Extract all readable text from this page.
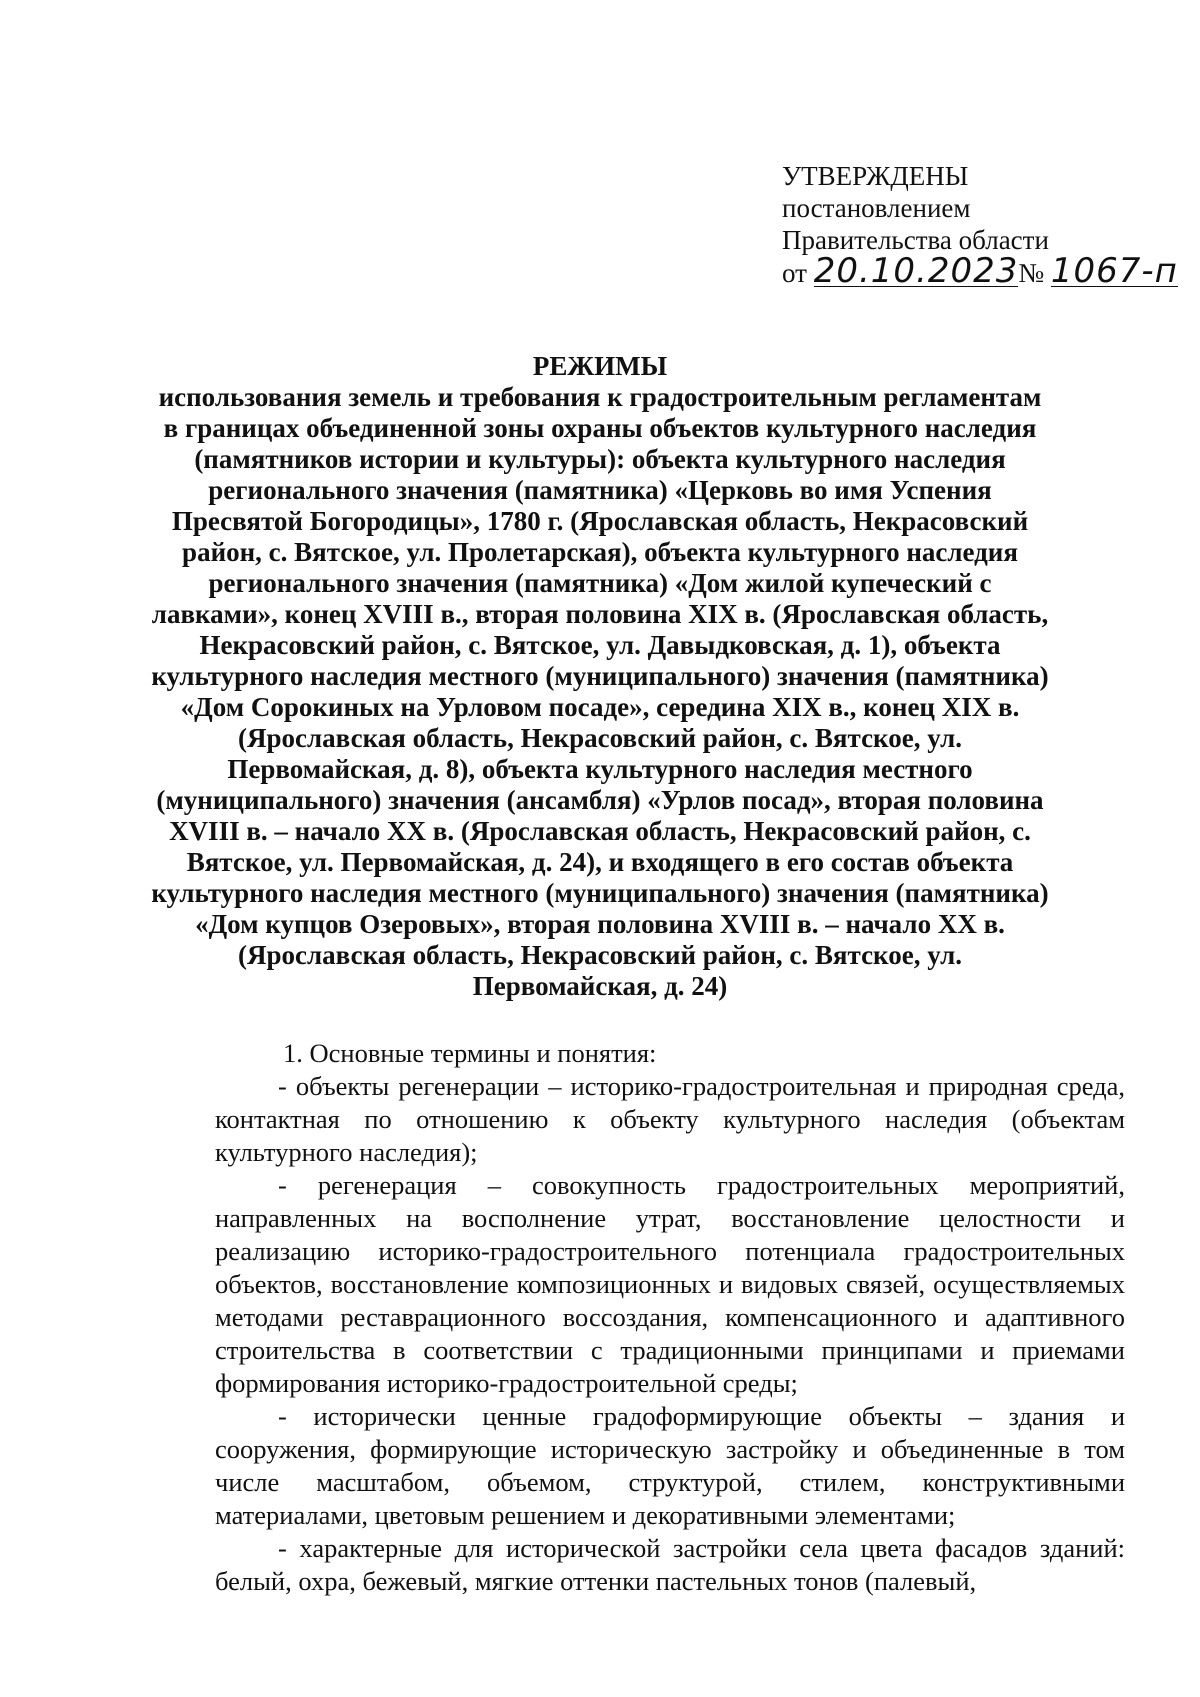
УТВЕРЖДЕНЫ
постановлением
Правительства области
от 20.10.2023№ 1067-п
РЕЖИМЫ
использования земель и требования к градостроительным регламентам в границах объединенной зоны охраны объектов культурного наследия (памятников истории и культуры): объекта культурного наследия регионального значения (памятника) «Церковь во имя Успения Пресвятой Богородицы», 1780 г. (Ярославская область, Некрасовский район, с. Вятское, ул. Пролетарская), объекта культурного наследия регионального значения (памятника) «Дом жилой купеческий с лавками», конец XVIII в., вторая половина XIX в. (Ярославская область, Некрасовский район, с. Вятское, ул. Давыдковская, д. 1), объекта культурного наследия местного (муниципального) значения (памятника) «Дом Сорокиных на Урловом посаде», середина XIX в., конец XIX в. (Ярославская область, Некрасовский район, с. Вятское, ул. Первомайская, д. 8), объекта культурного наследия местного (муниципального) значения (ансамбля) «Урлов посад», вторая половина XVIII в. – начало XX в. (Ярославская область, Некрасовский район, с. Вятское, ул. Первомайская, д. 24), и входящего в его состав объекта культурного наследия местного (муниципального) значения (памятника) «Дом купцов Озеровых», вторая половина XVIII в. – начало XX в. (Ярославская область, Некрасовский район, с. Вятское, ул. Первомайская, д. 24)

1. Основные термины и понятия:

- объекты регенерации – историко-градостроительная и природная среда, контактная по отношению к объекту культурного наследия (объектам культурного наследия);

- регенерация – совокупность градостроительных мероприятий, направленных на восполнение утрат, восстановление целостности и реализацию историко-градостроительного потенциала градостроительных объектов, восстановление композиционных и видовых связей, осуществляемых методами реставрационного воссоздания, компенсационного и адаптивного строительства в соответствии с традиционными принципами и приемами формирования историко-градостроительной среды;

- исторически ценные градоформирующие объекты – здания и сооружения, формирующие историческую застройку и объединенные в том числе масштабом, объемом, структурой, стилем, конструктивными материалами, цветовым решением и декоративными элементами;

- характерные для исторической застройки села цвета фасадов зданий: белый, охра, бежевый, мягкие оттенки пастельных тонов (палевый,
